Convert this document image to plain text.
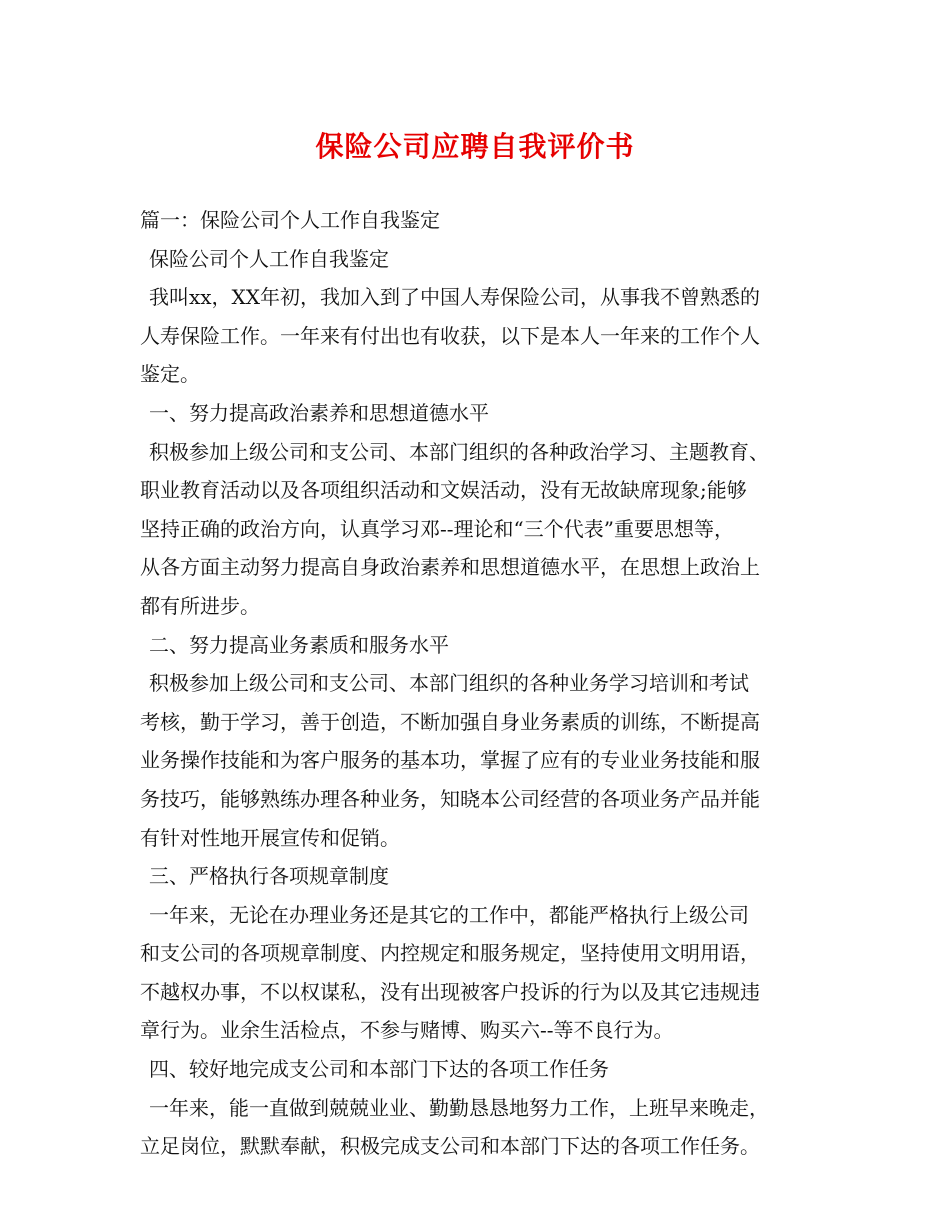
保险公司应聘自我评价书
篇一：保险公司个人工作自我鉴定
保险公司个人工作自我鉴定
我叫xx，XX年初，我加入到了中国人寿保险公司，从事我不曾熟悉的
人寿保险工作。一年来有付出也有收获，以下是本人一年来的工作个人
鉴定。
一、努力提高政治素养和思想道德水平
积极参加上级公司和支公司、本部门组织的各种政治学习、主题教育、
职业教育活动以及各项组织活动和文娱活动，没有无故缺席现象;能够
坚持正确的政治方向，认真学习邓--理论和“三个代表”重要思想等，
从各方面主动努力提高自身政治素养和思想道德水平，在思想上政治上
都有所进步。
二、努力提高业务素质和服务水平
积极参加上级公司和支公司、本部门组织的各种业务学习培训和考试
考核，勤于学习，善于创造，不断加强自身业务素质的训练，不断提高
业务操作技能和为客户服务的基本功，掌握了应有的专业业务技能和服
务技巧，能够熟练办理各种业务，知晓本公司经营的各项业务产品并能
有针对性地开展宣传和促销。
三、严格执行各项规章制度
一年来，无论在办理业务还是其它的工作中，都能严格执行上级公司
和支公司的各项规章制度、内控规定和服务规定，坚持使用文明用语，
不越权办事，不以权谋私，没有出现被客户投诉的行为以及其它违规违
章行为。业余生活检点，不参与赌博、购买六--等不良行为。
四、较好地完成支公司和本部门下达的各项工作任务
一年来，能一直做到兢兢业业、勤勤恳恳地努力工作，上班早来晚走，
立足岗位，默默奉献，积极完成支公司和本部门下达的各项工作任务。
